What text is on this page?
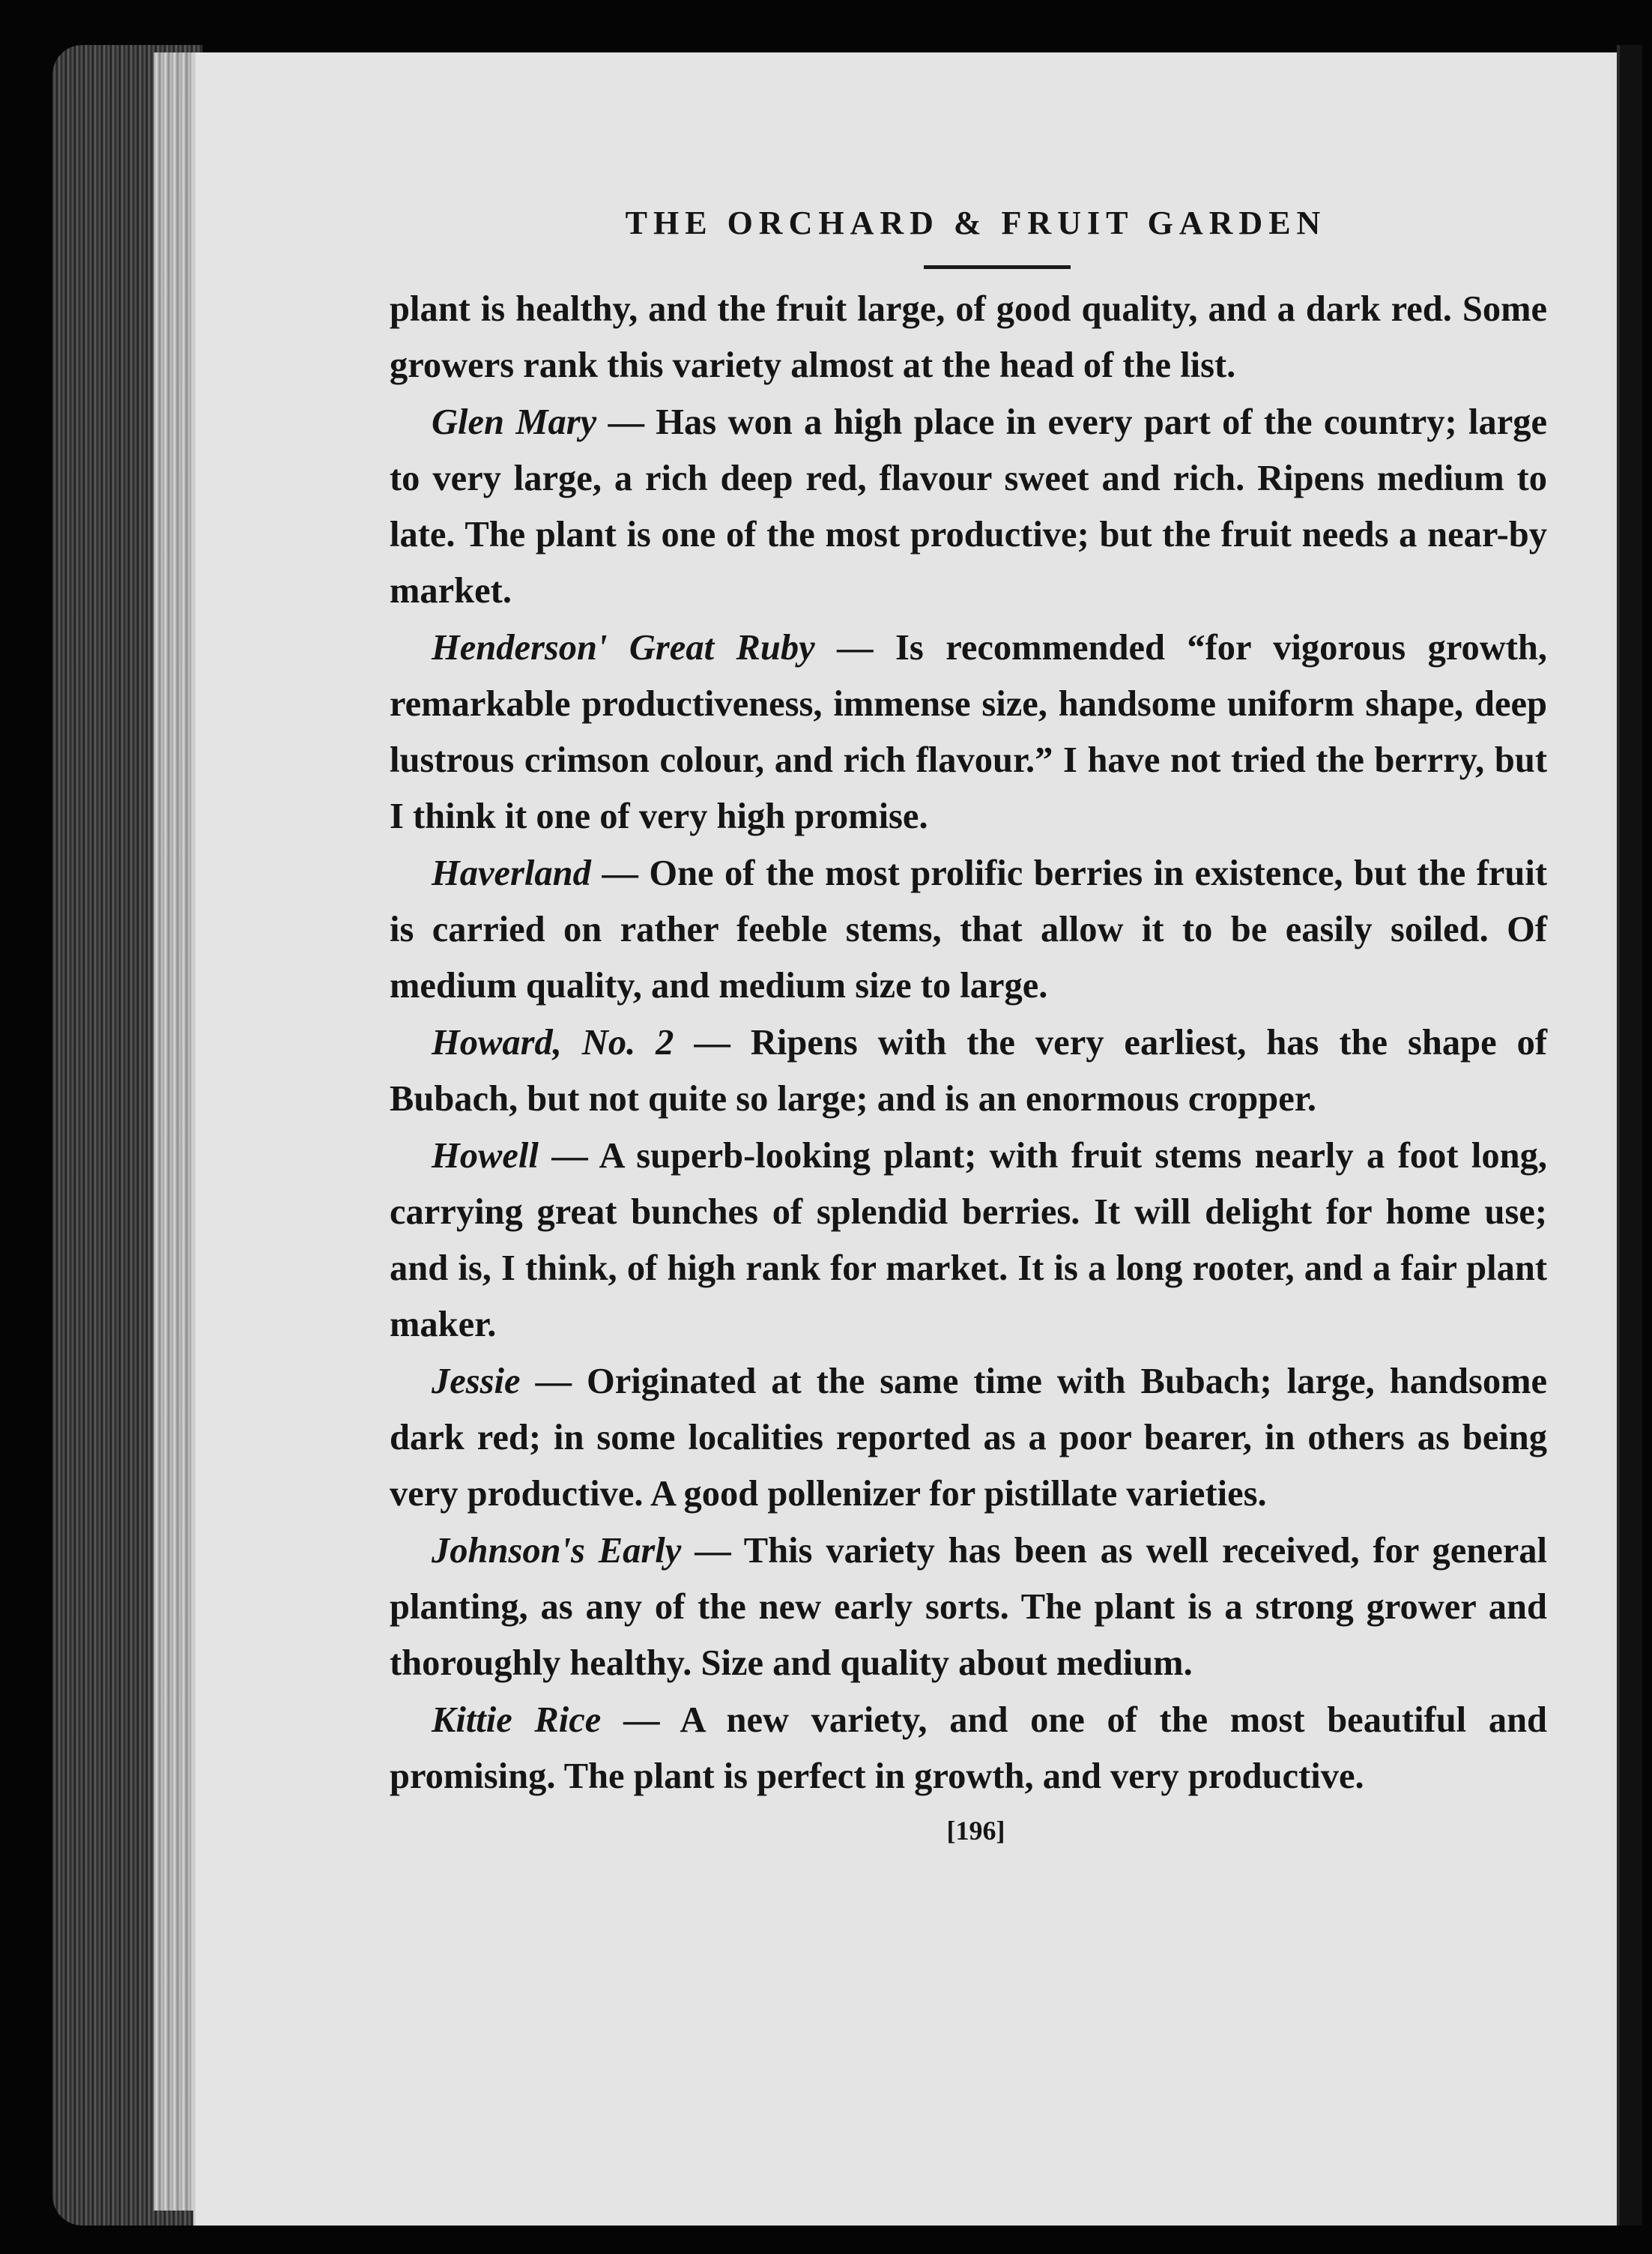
THE ORCHARD & FRUIT GARDEN

plant is healthy, and the fruit large, of good quality, and a dark red. Some growers rank this variety almost at the head of the list.

Glen Mary — Has won a high place in every part of the country; large to very large, a rich deep red, flavour sweet and rich. Ripens medium to late. The plant is one of the most productive; but the fruit needs a near-by market.

Henderson' Great Ruby — Is recommended “for vigorous growth, remarkable productiveness, immense size, handsome uniform shape, deep lustrous crimson colour, and rich flavour.” I have not tried the berrry, but I think it one of very high promise.

Haverland — One of the most prolific berries in existence, but the fruit is carried on rather feeble stems, that allow it to be easily soiled. Of medium quality, and medium size to large.

Howard, No. 2 — Ripens with the very earliest, has the shape of Bubach, but not quite so large; and is an enormous cropper.

Howell — A superb-looking plant; with fruit stems nearly a foot long, carrying great bunches of splendid berries. It will delight for home use; and is, I think, of high rank for market. It is a long rooter, and a fair plant maker.

Jessie — Originated at the same time with Bubach; large, handsome dark red; in some localities reported as a poor bearer, in others as being very productive. A good pollenizer for pistillate varieties.

Johnson's Early — This variety has been as well received, for general planting, as any of the new early sorts. The plant is a strong grower and thoroughly healthy. Size and quality about medium.

Kittie Rice — A new variety, and one of the most beautiful and promising. The plant is perfect in growth, and very productive.

[196]
